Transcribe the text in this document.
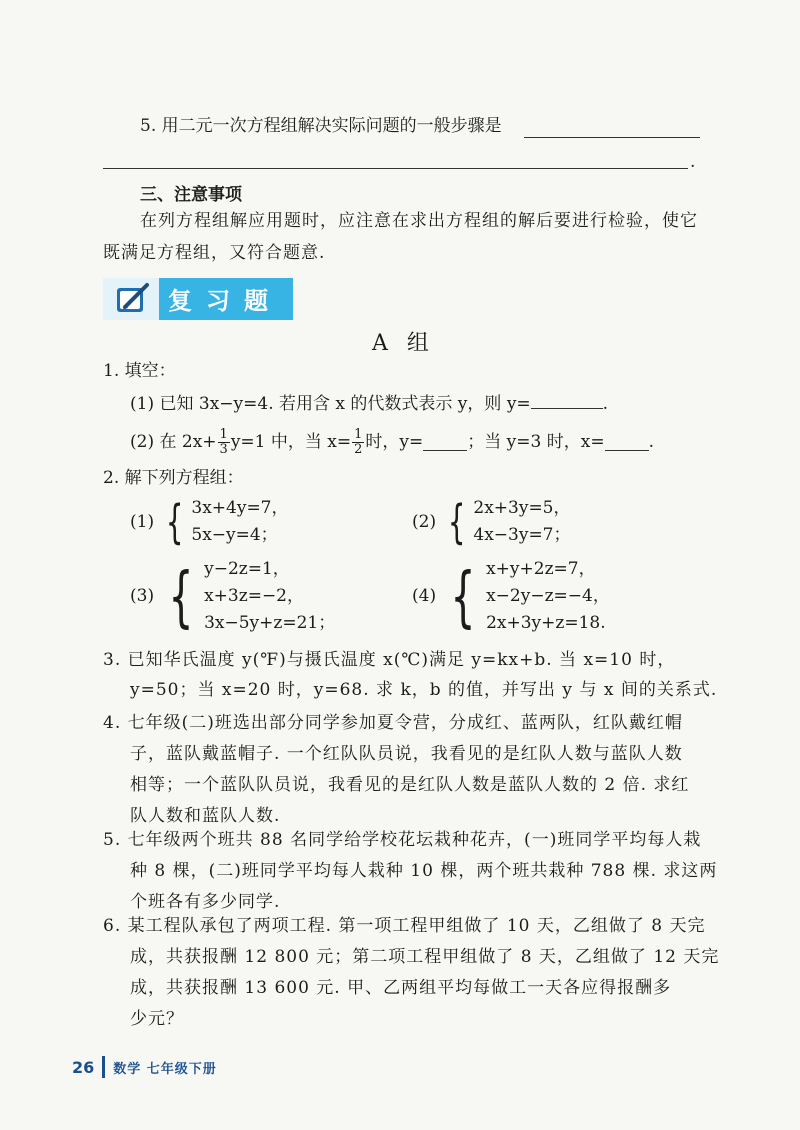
5. 用二元一次方程组解决实际问题的一般步骤是
.
三、注意事项
在列方程组解应用题时，应注意在求出方程组的解后要进行检验，使它
既满足方程组，又符合题意.
复习题
A 组
1. 填空：
(1) 已知 3x−y=4. 若用含 x 的代数式表示 y，则 y=	.
(2) 在 $2x+ \frac{1}{3} y=1$ 中，当 $x= \frac{1}{2}$ 时，y=	；当 y=3 时，x=	.
2. 解下列方程组：
(1) { 3x+4y=7，
5x−y=4；
(2) { 2x+3y=5，
4x−3y=7；
(3) { y−2z=1，
x+3z=−2，
3x−5y+z=21；
(4) { x+y+2z=7，
x−2y−z=−4，
2x+3y+z=18.
3. 已知华氏温度 y(℉)与摄氏温度 x(℃)满足 y=kx+b. 当 x=10 时，
y=50；当 x=20 时，y=68. 求 k，b 的值，并写出 y 与 x 间的关系式.
4. 七年级(二)班选出部分同学参加夏令营，分成红、蓝两队，红队戴红帽
子，蓝队戴蓝帽子. 一个红队队员说，我看见的是红队人数与蓝队人数
相等；一个蓝队队员说，我看见的是红队人数是蓝队人数的 2 倍. 求红
队人数和蓝队人数.
5. 七年级两个班共 88 名同学给学校花坛栽种花卉，(一)班同学平均每人栽
种 8 棵，(二)班同学平均每人栽种 10 棵，两个班共栽种 788 棵. 求这两
个班各有多少同学.
6. 某工程队承包了两项工程. 第一项工程甲组做了 10 天，乙组做了 8 天完
成，共获报酬 12 800 元；第二项工程甲组做了 8 天，乙组做了 12 天完
成，共获报酬 13 600 元. 甲、乙两组平均每做工一天各应得报酬多
少元？
26 数学 七年级下册
